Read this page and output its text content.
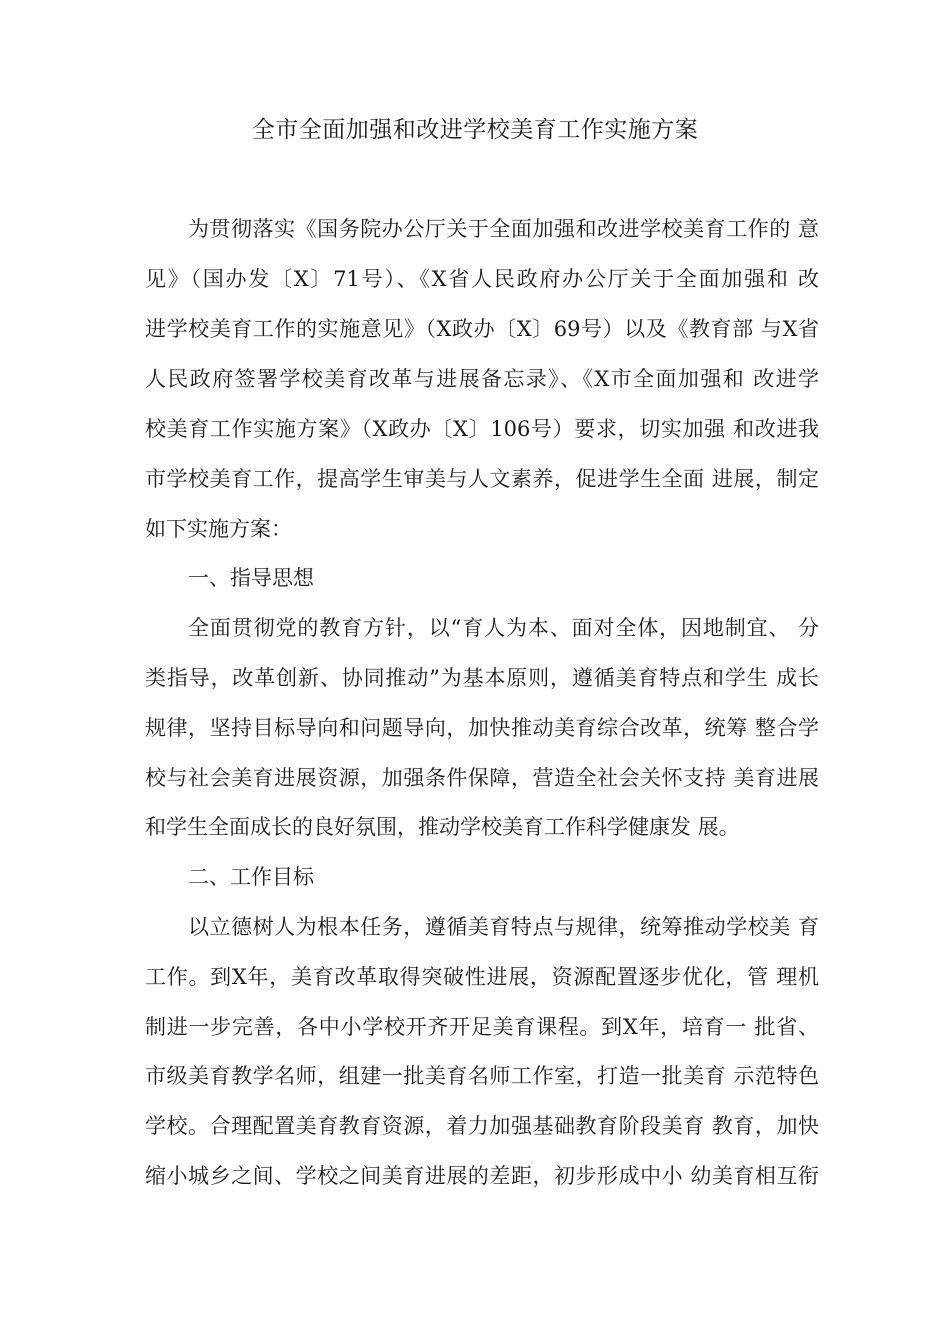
全市全面加强和改进学校美育工作实施方案

为贯彻落实《国务院办公厅关于全面加强和改进学校美育工作的 意

见》（国办发〔X〕71号）、《X省人民政府办公厅关于全面加强和 改

进学校美育工作的实施意见》（X政办〔X〕69号）以及《教育部 与X省

人民政府签署学校美育改革与进展备忘录》、《X市全面加强和 改进学

校美育工作实施方案》（X政办〔X〕106号）要求，切实加强 和改进我

市学校美育工作，提高学生审美与人文素养，促进学生全面 进展，制定

如下实施方案：

一、指导思想

全面贯彻党的教育方针，以“育人为本、面对全体，因地制宜、 分

类指导，改革创新、协同推动”为基本原则，遵循美育特点和学生 成长

规律，坚持目标导向和问题导向，加快推动美育综合改革，统筹 整合学

校与社会美育进展资源，加强条件保障，营造全社会关怀支持 美育进展

和学生全面成长的良好氛围，推动学校美育工作科学健康发 展。

二、工作目标

以立德树人为根本任务，遵循美育特点与规律，统筹推动学校美 育

工作。到X年，美育改革取得突破性进展，资源配置逐步优化，管 理机

制进一步完善，各中小学校开齐开足美育课程。到X年，培育一 批省、

市级美育教学名师，组建一批美育名师工作室，打造一批美育 示范特色

学校。合理配置美育教育资源，着力加强基础教育阶段美育 教育，加快

缩小城乡之间、学校之间美育进展的差距，初步形成中小 幼美育相互衔
